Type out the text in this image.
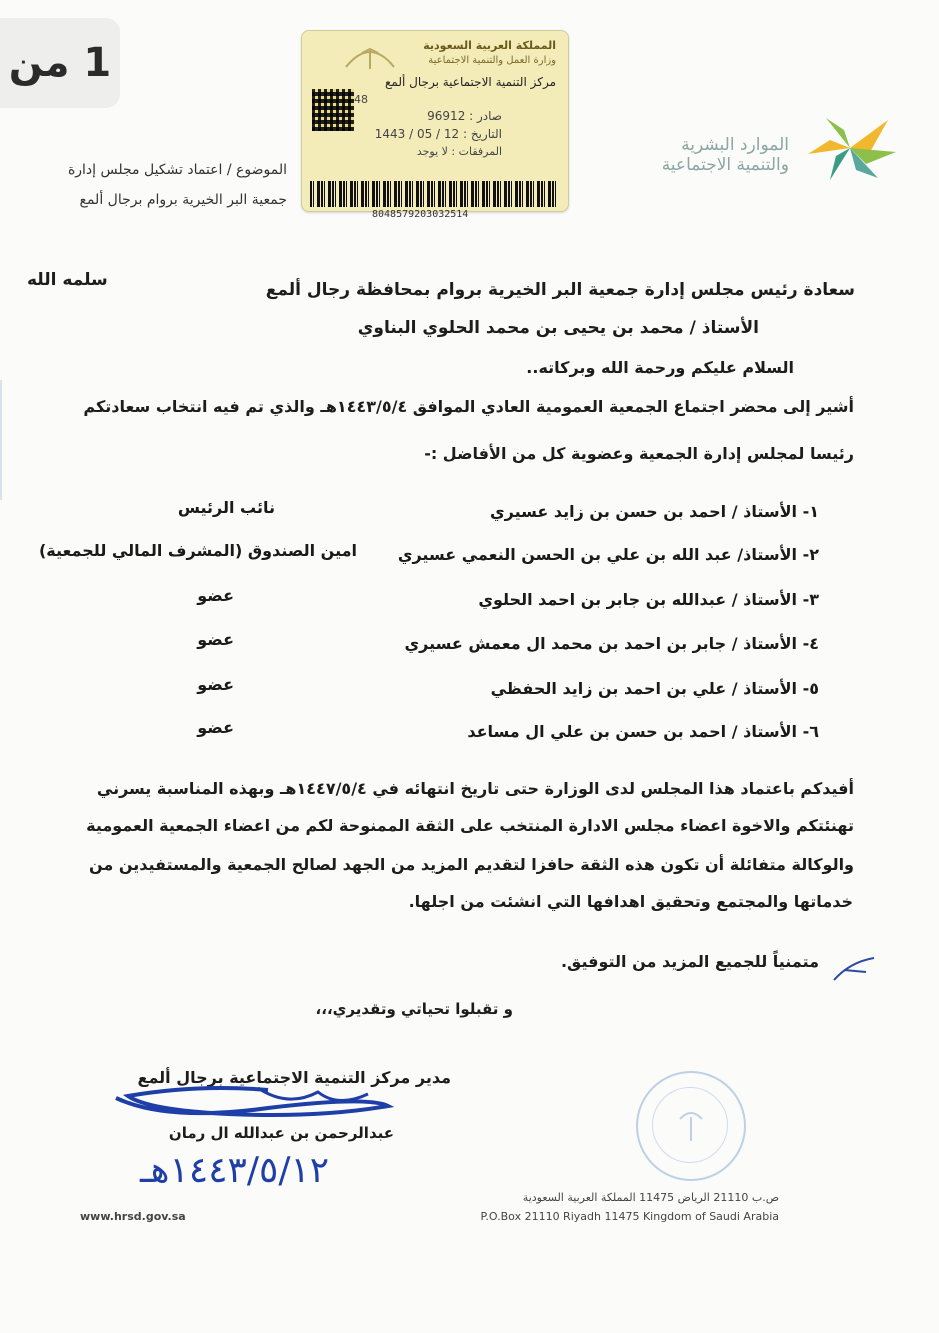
1 من	المملكة العربية السعودية
وزارة العمل والتنمية الاجتماعية
مركز التنمية الاجتماعية برجال ألمع
48
صادر : 96912
التاريخ : 12 / 05 / 1443
المرفقات : لا يوجد
8048579203032514
الموارد البشرية
والتنمية الاجتماعية
الموضوع / اعتماد تشكيل مجلس إدارة
جمعية البر الخيرية بروام برجال ألمع
سعادة رئيس مجلس إدارة جمعية البر الخيرية بروام بمحافظة رجال ألمع
سلمه الله
الأستاذ / محمد بن يحيى بن محمد الحلوي البناوي
السلام عليكم ورحمة الله وبركاته..
أشير إلى محضر اجتماع الجمعية العمومية العادي الموافق ١٤٤٣/٥/٤هـ والذي تم فيه انتخاب سعادتكم
رئيسا لمجلس إدارة الجمعية وعضوية كل من الأفاضل :-
١- الأستاذ / احمد بن حسن بن زايد عسيري
نائب الرئيس
٢- الأستاذ/ عبد الله بن علي بن الحسن النعمي عسيري
امين الصندوق (المشرف المالي للجمعية)
٣- الأستاذ / عبدالله بن جابر بن احمد الحلوي
عضو
٤- الأستاذ / جابر بن احمد بن محمد ال معمش عسيري
عضو
٥- الأستاذ / علي بن احمد بن زايد الحفظي
عضو
٦- الأستاذ / احمد بن حسن بن علي ال مساعد
عضو
أفيدكم باعتماد هذا المجلس لدى الوزارة حتى تاريخ انتهائه في ١٤٤٧/٥/٤هـ وبهذه المناسبة يسرني
تهنئتكم والاخوة اعضاء مجلس الادارة المنتخب على الثقة الممنوحة لكم من اعضاء الجمعية العمومية
والوكالة متفائلة أن تكون هذه الثقة حافزا لتقديم المزيد من الجهد لصالح الجمعية والمستفيدين من
خدماتها والمجتمع وتحقيق اهدافها التي انشئت من اجلها.
متمنياً للجميع المزيد من التوفيق.
و تقبلوا تحياتي وتقديري،،،
مدير مركز التنمية الاجتماعية برجال ألمع
عبدالرحمن بن عبدالله ال رمان
١٤٤٣/٥/١٢هـ
ص.ب 21110 الرياض 11475 المملكة العربية السعودية
P.O.Box 21110 Riyadh 11475 Kingdom of Saudi Arabia
www.hrsd.gov.sa
